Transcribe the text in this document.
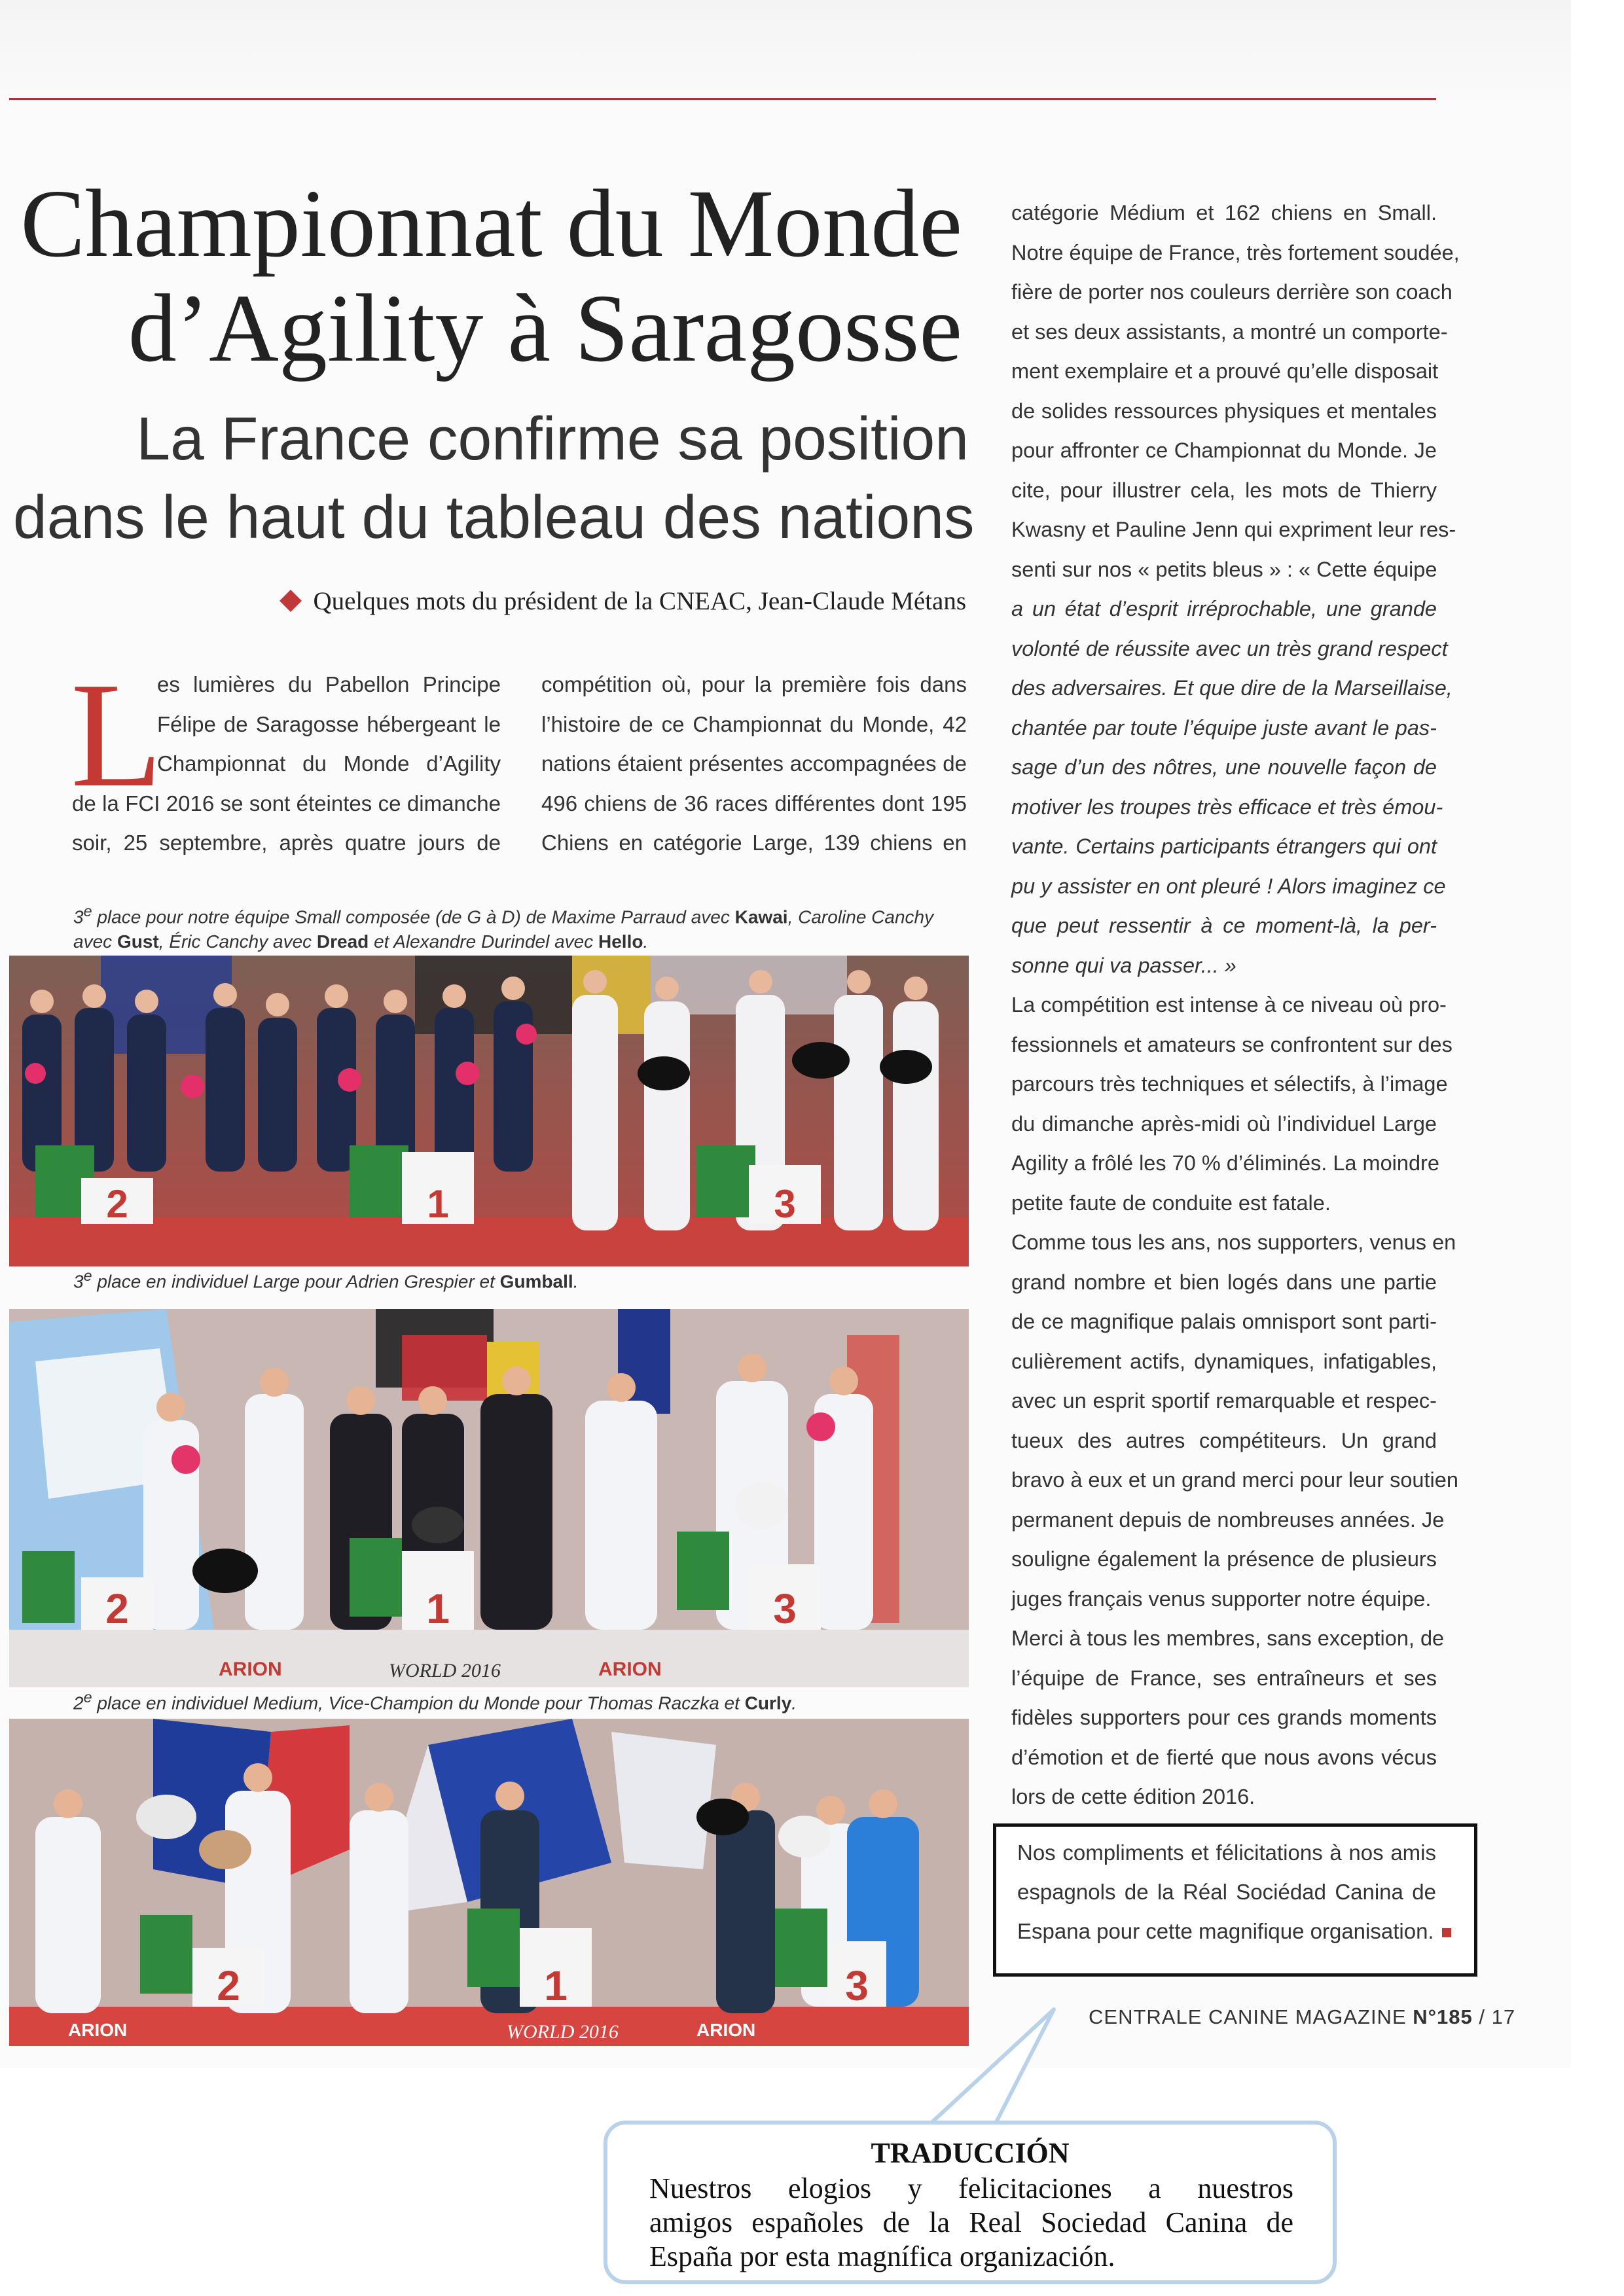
Championnat du Monde
d’Agility à Saragosse
La France confirme sa position
dans le haut du tableau des nations
Quelques mots du président de la CNEAC, Jean-Claude Métans
L
es lumières du Pabellon Principe
Félipe de Saragosse hébergeant le
Championnat du Monde d’Agility
de la FCI 2016 se sont éteintes ce dimanche
soir, 25 septembre, après quatre jours de
compétition où, pour la première fois dans
l’histoire de ce Championnat du Monde, 42
nations étaient présentes accompagnées de
496 chiens de 36 races différentes dont 195
Chiens en catégorie Large, 139 chiens en
catégorie Médium et 162 chiens en Small.
Notre équipe de France, très fortement soudée,
fière de porter nos couleurs derrière son coach
et ses deux assistants, a montré un comporte-
ment exemplaire et a prouvé qu’elle disposait
de solides ressources physiques et mentales
pour affronter ce Championnat du Monde. Je
cite, pour illustrer cela, les mots de Thierry
Kwasny et Pauline Jenn qui expriment leur res-
senti sur nos « petits bleus » : « Cette équipe
a un état d’esprit irréprochable, une grande
volonté de réussite avec un très grand respect
des adversaires. Et que dire de la Marseillaise,
chantée par toute l’équipe juste avant le pas-
sage d’un des nôtres, une nouvelle façon de
motiver les troupes très efficace et très émou-
vante. Certains participants étrangers qui ont
pu y assister en ont pleuré ! Alors imaginez ce
que peut ressentir à ce moment-là, la per-
sonne qui va passer... »
La compétition est intense à ce niveau où pro-
fessionnels et amateurs se confrontent sur des
parcours très techniques et sélectifs, à l’image
du dimanche après-midi où l’individuel Large
Agility a frôlé les 70 % d’éliminés. La moindre
petite faute de conduite est fatale.
Comme tous les ans, nos supporters, venus en
grand nombre et bien logés dans une partie
de ce magnifique palais omnisport sont parti-
culièrement actifs, dynamiques, infatigables,
avec un esprit sportif remarquable et respec-
tueux des autres compétiteurs. Un grand
bravo à eux et un grand merci pour leur soutien
permanent depuis de nombreuses années. Je
souligne également la présence de plusieurs
juges français venus supporter notre équipe.
Merci à tous les membres, sans exception, de
l’équipe de France, ses entraîneurs et ses
fidèles supporters pour ces grands moments
d’émotion et de fierté que nous avons vécus
lors de cette édition 2016.
3e place pour notre équipe Small composée (de G à D) de Maxime Parraud avec Kawai, Caroline Canchy
avec Gust, Éric Canchy avec Dread et Alexandre Durindel avec Hello.
2	1	3
3e place en individuel Large pour Adrien Grespier et Gumball.
2	1	3
ARION	WORLD 2016	ARION
2e place en individuel Medium, Vice-Champion du Monde pour Thomas Raczka et Curly.
2	1	3
ARION	WORLD 2016	ARION
Nos compliments et félicitations à nos amis
espagnols de la Réal Sociédad Canina de
Espana pour cette magnifique organisation.
CENTRALE CANINE MAGAZINE N°185 / 17
TRADUCCIÓN
Nuestros elogios y felicitaciones a nuestros
amigos españoles de la Real Sociedad Canina de
España por esta magnífica organización.
